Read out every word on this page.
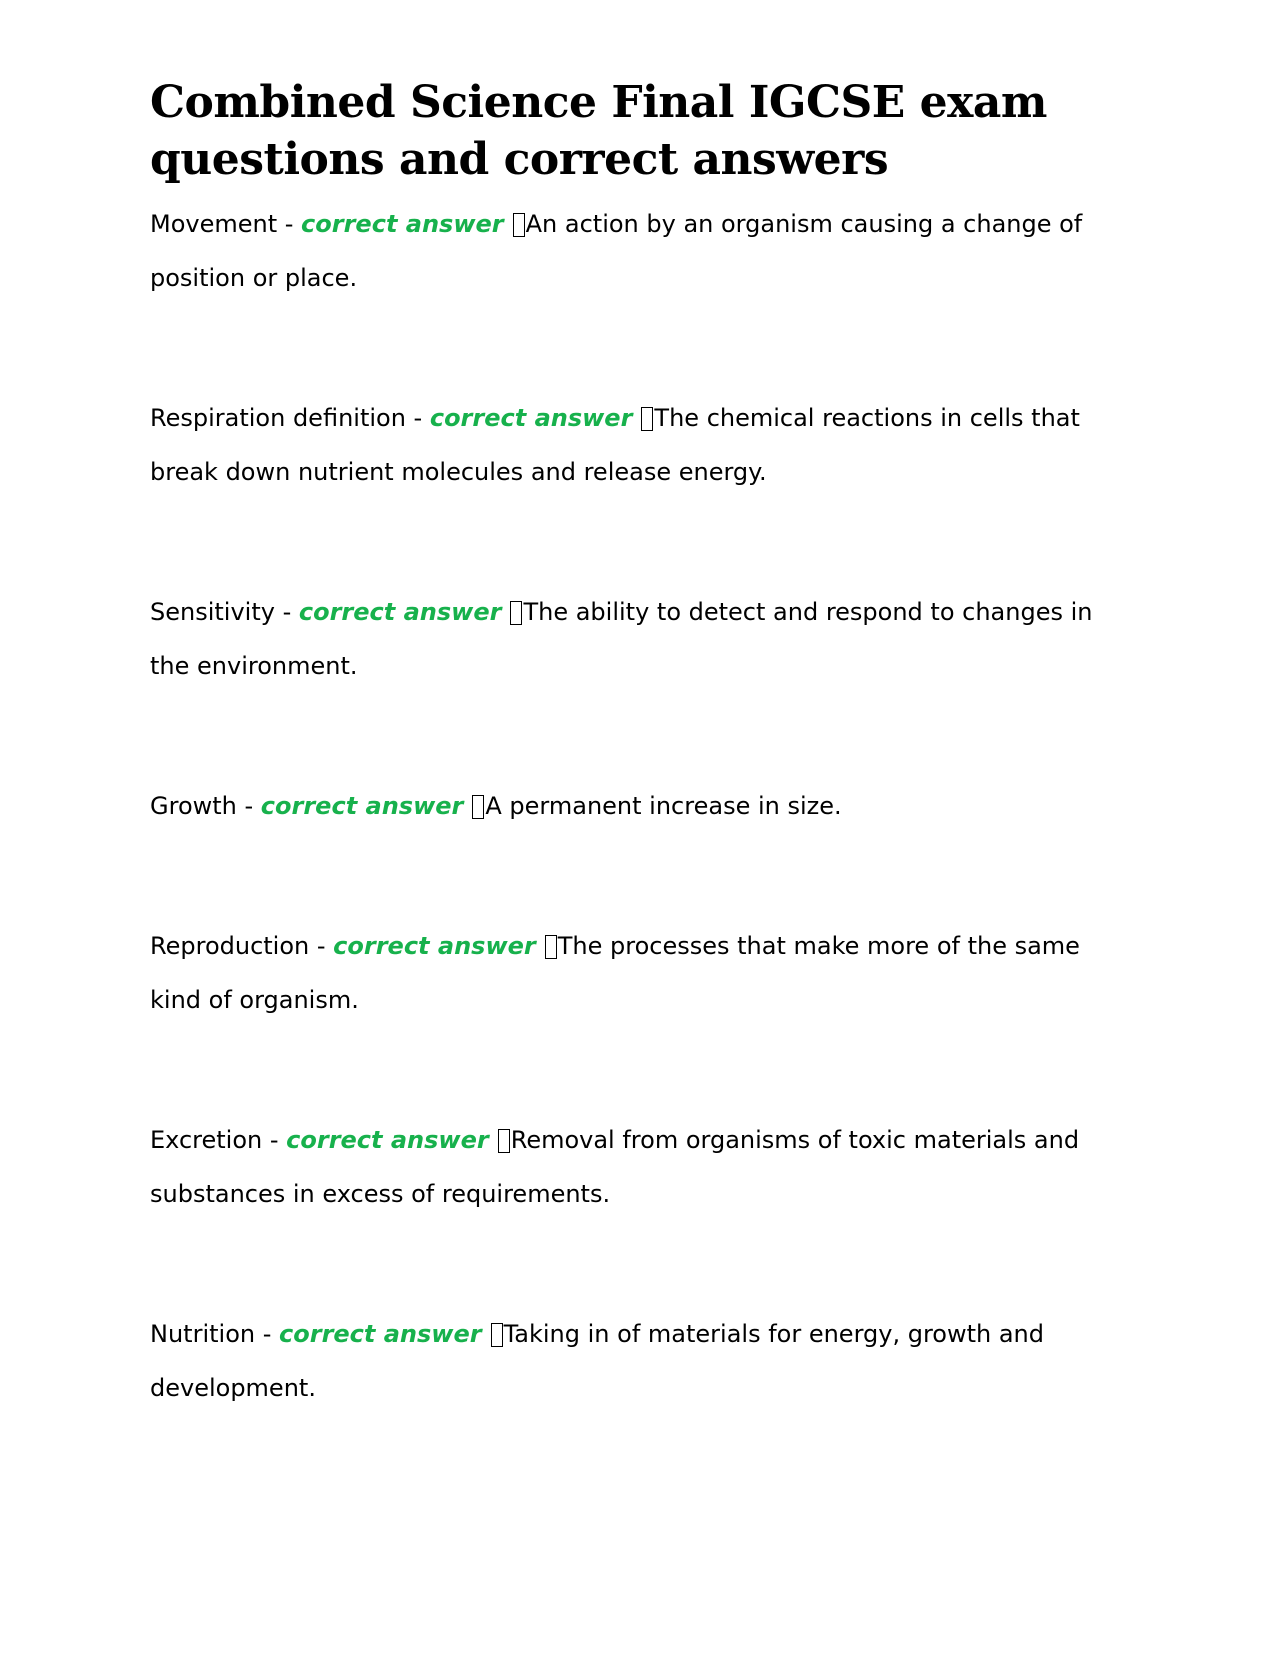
Combined Science Final IGCSE exam questions and correct answers

Movement - correct answer An action by an organism causing a change of position or place.

Respiration definition - correct answer The chemical reactions in cells that break down nutrient molecules and release energy.

Sensitivity - correct answer The ability to detect and respond to changes in the environment.

Growth - correct answer A permanent increase in size.

Reproduction - correct answer The processes that make more of the same kind of organism.

Excretion - correct answer Removal from organisms of toxic materials and substances in excess of requirements.

Nutrition - correct answer Taking in of materials for energy, growth and development.
